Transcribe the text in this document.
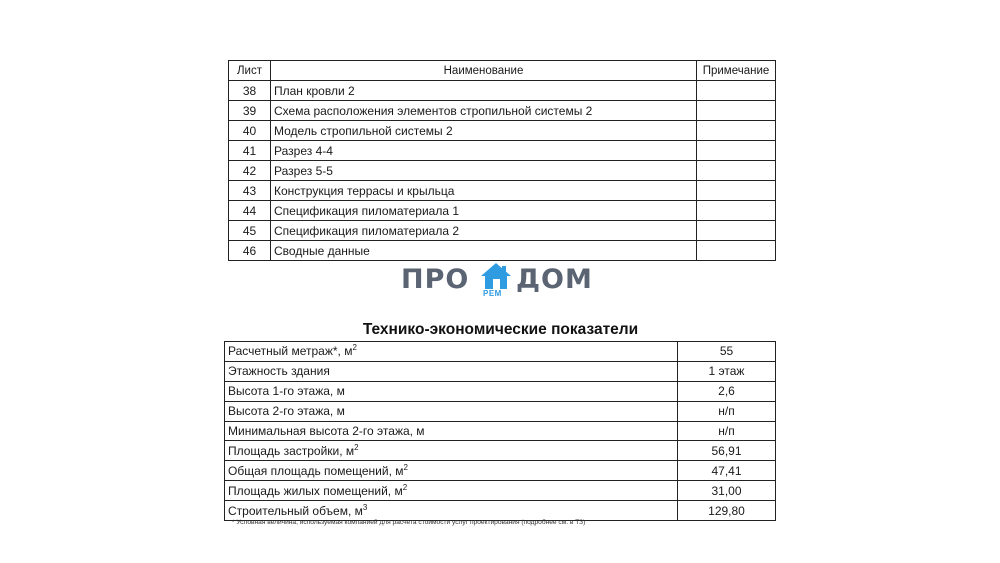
Лист	Наименование	Примечание
38	План кровли 2	
39	Схема расположения элементов стропильной системы 2	
40	Модель стропильной системы 2	
41	Разрез 4-4	
42	Разрез 5-5	
43	Конструкция террасы и крыльца	
44	Спецификация пиломатериала 1	
45	Спецификация пиломатериала 2	
46	Сводные данные	
ПРО РЕМ ДОМ
Технико-экономические показатели
Расчетный метраж*, $м^2$	55
Этажность здания	1 этаж
Высота 1-го этажа, м	2,6
Высота 2-го этажа, м	н/п
Минимальная высота 2-го этажа, м	н/п
Площадь застройки, $м^2$	56,91
Общая площадь помещений, $м^2$	47,41
Площадь жилых помещений, $м^2$	31,00
Строительный объем, $м^3$	129,80
* Условная величина, используемая компанией для расчета стоимости услуг проектирования (подробнее см. в ТЗ)
